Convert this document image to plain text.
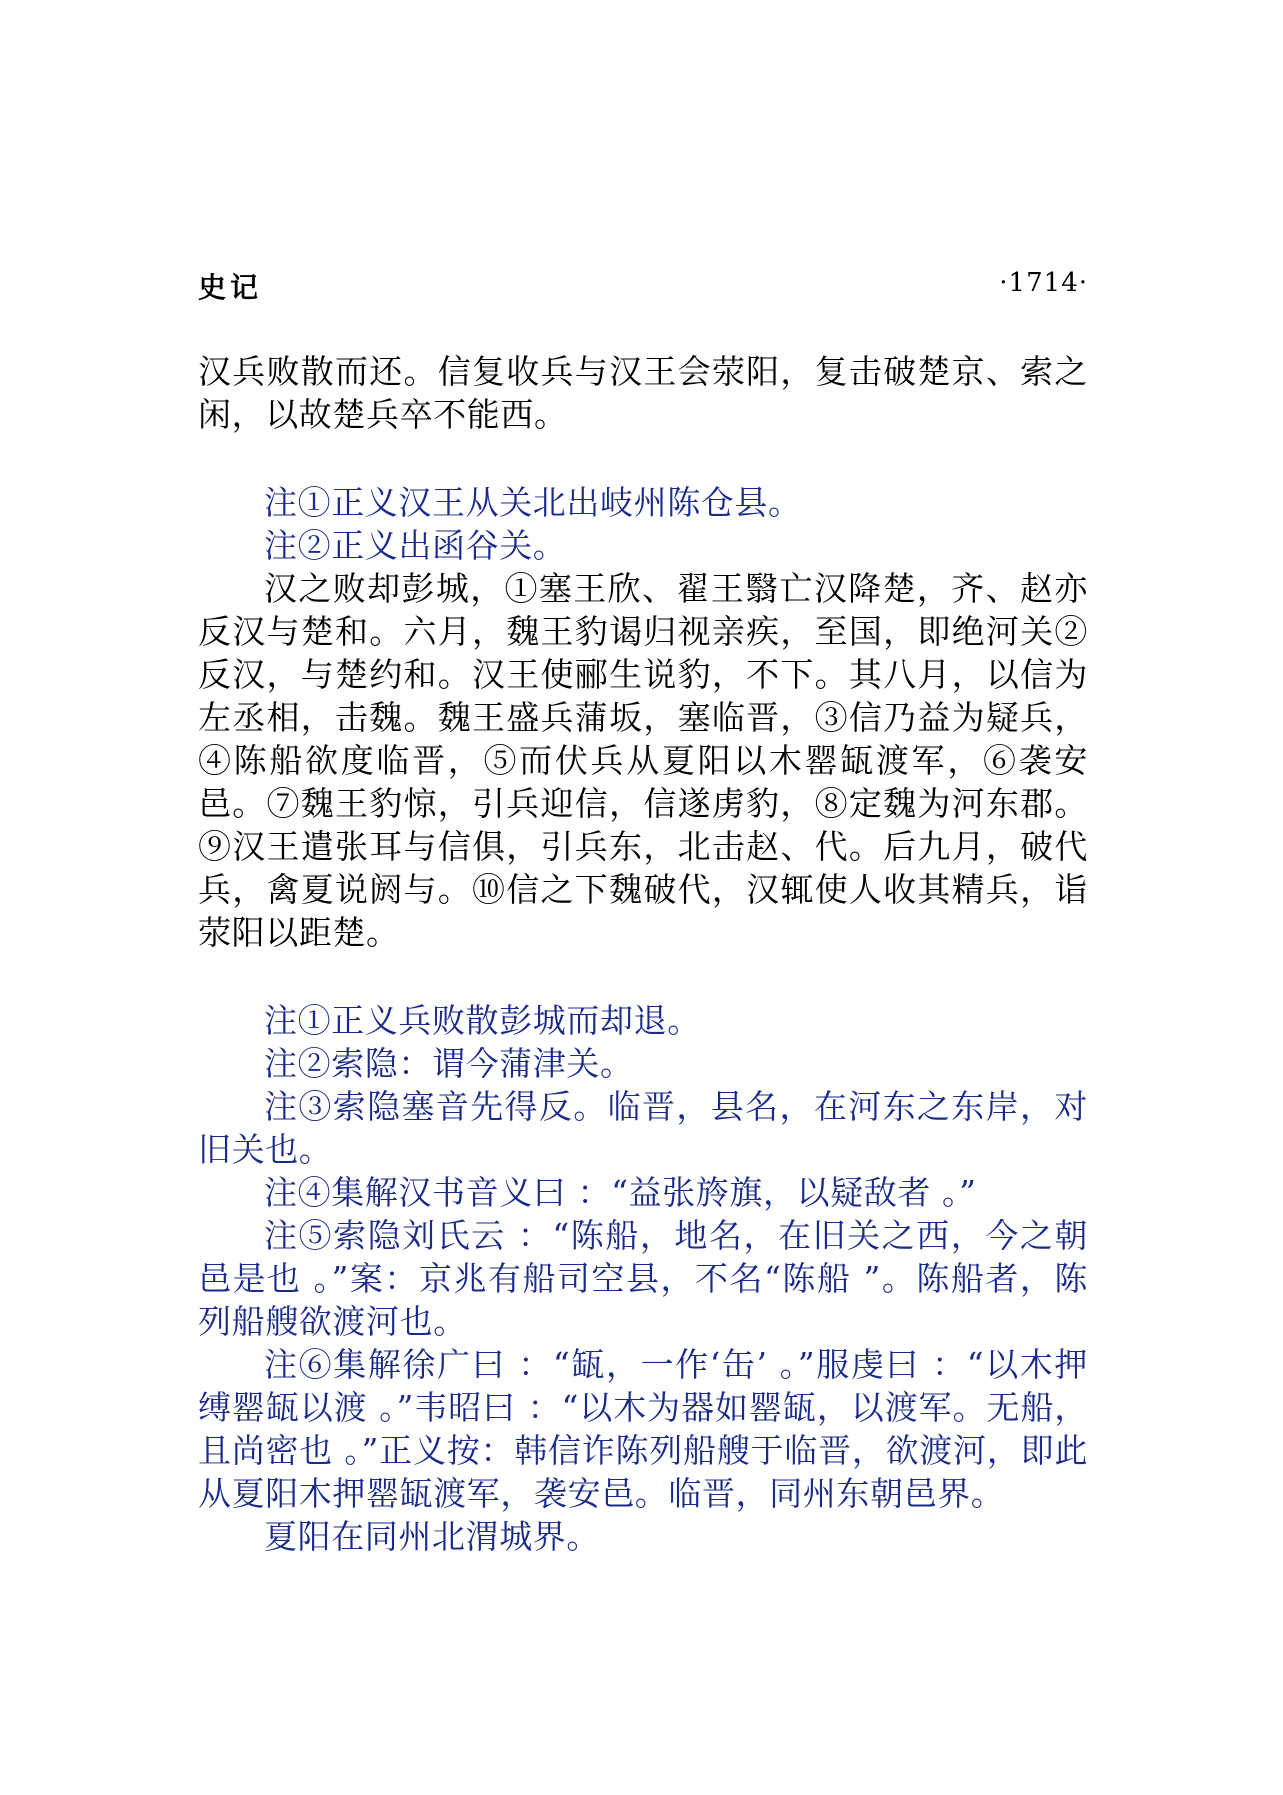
史记	·1714·

汉兵败散而还。信复收兵与汉王会荥阳，复击破楚京、索之闲，以故楚兵卒不能西。

注①正义汉王从关北出岐州陈仓县。

注②正义出函谷关。

汉之败却彭城，①塞王欣、翟王翳亡汉降楚，齐、赵亦反汉与楚和。六月，魏王豹谒归视亲疾，至国，即绝河关②反汉，与楚约和。汉王使郦生说豹，不下。其八月，以信为左丞相，击魏。魏王盛兵蒲坂，塞临晋，③信乃益为疑兵，④陈船欲度临晋，⑤而伏兵从夏阳以木罂缻渡军，⑥袭安邑。⑦魏王豹惊，引兵迎信，信遂虏豹，⑧定魏为河东郡。⑨汉王遣张耳与信俱，引兵东，北击赵、代。后九月，破代兵，禽夏说阏与。⑩信之下魏破代，汉辄使人收其精兵，诣荥阳以距楚。

注①正义兵败散彭城而却退。

注②索隐：谓今蒲津关。

注③索隐塞音先得反。临晋，县名，在河东之东岸，对旧关也。

注④集解汉书音义曰 ：“益张旍旗，以疑敌者 。”

注⑤索隐刘氏云 ：“陈船，地名，在旧关之西，今之朝邑是也 。”案：京兆有船司空县，不名“陈船 ”。陈船者，陈列船艘欲渡河也。

注⑥集解徐广曰 ：“缻，一作‘缶’ 。”服虔曰 ：“以木押缚罂缻以渡 。”韦昭曰 ：“以木为器如罂缻，以渡军。无船，且尚密也 。”正义按：韩信诈陈列船艘于临晋，欲渡河，即此从夏阳木押罂缻渡军，袭安邑。临晋，同州东朝邑界。

夏阳在同州北渭城界。
